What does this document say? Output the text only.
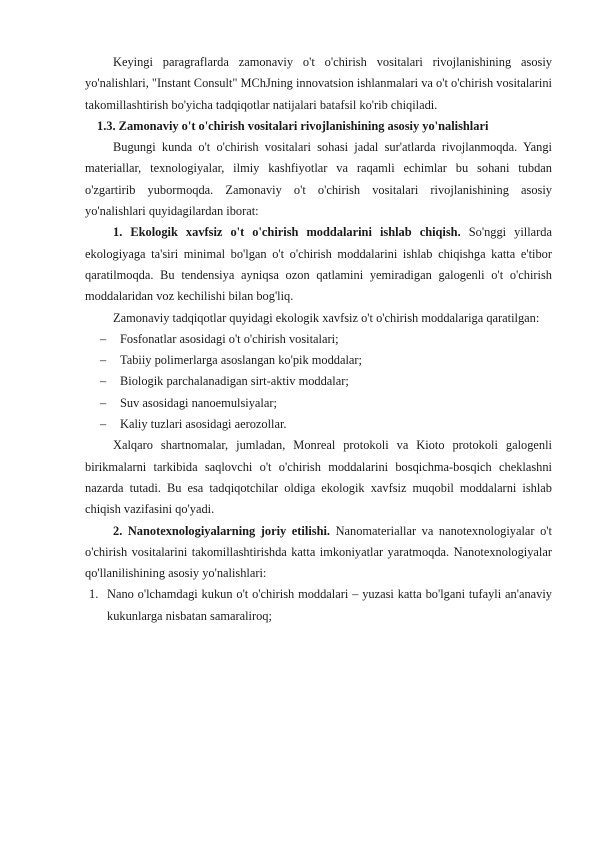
Keyingi paragraflarda zamonaviy o't o'chirish vositalari rivojlanishining asosiy yo'nalishlari, "Instant Consult" MChJning innovatsion ishlanmalari va o't o'chirish vositalarini takomillashtirish bo'yicha tadqiqotlar natijalari batafsil ko'rib chiqiladi.

1.3. Zamonaviy o't o'chirish vositalari rivojlanishining asosiy yo'nalishlari

Bugungi kunda o't o'chirish vositalari sohasi jadal sur'atlarda rivojlanmoqda. Yangi materiallar, texnologiyalar, ilmiy kashfiyotlar va raqamli echimlar bu sohani tubdan o'zgartirib yubormoqda. Zamonaviy o't o'chirish vositalari rivojlanishining asosiy yo'nalishlari quyidagilardan iborat:

1. Ekologik xavfsiz o't o'chirish moddalarini ishlab chiqish. So'nggi yillarda ekologiyaga ta'siri minimal bo'lgan o't o'chirish moddalarini ishlab chiqishga katta e'tibor qaratilmoqda. Bu tendensiya ayniqsa ozon qatlamini yemiradigan galogenli o't o'chirish moddalaridan voz kechilishi bilan bog'liq.

Zamonaviy tadqiqotlar quyidagi ekologik xavfsiz o't o'chirish moddalariga qaratilgan:

– Fosfonatlar asosidagi o't o'chirish vositalari;
– Tabiiy polimerlarga asoslangan ko'pik moddalar;
– Biologik parchalanadigan sirt-aktiv moddalar;
– Suv asosidagi nanoemulsiyalar;
– Kaliy tuzlari asosidagi aerozollar.

Xalqaro shartnomalar, jumladan, Monreal protokoli va Kioto protokoli galogenli birikmalarni tarkibida saqlovchi o't o'chirish moddalarini bosqichma-bosqich cheklashni nazarda tutadi. Bu esa tadqiqotchilar oldiga ekologik xavfsiz muqobil moddalarni ishlab chiqish vazifasini qo'yadi.

2. Nanotexnologiyalarning joriy etilishi. Nanomateriallar va nanotexnologiyalar o't o'chirish vositalarini takomillashtirishda katta imkoniyatlar yaratmoqda. Nanotexnologiyalar qo'llanilishining asosiy yo'nalishlari:

1. Nano o'lchamdagi kukun o't o'chirish moddalari – yuzasi katta bo'lgani tufayli an'anaviy kukunlarga nisbatan samaraliroq;
